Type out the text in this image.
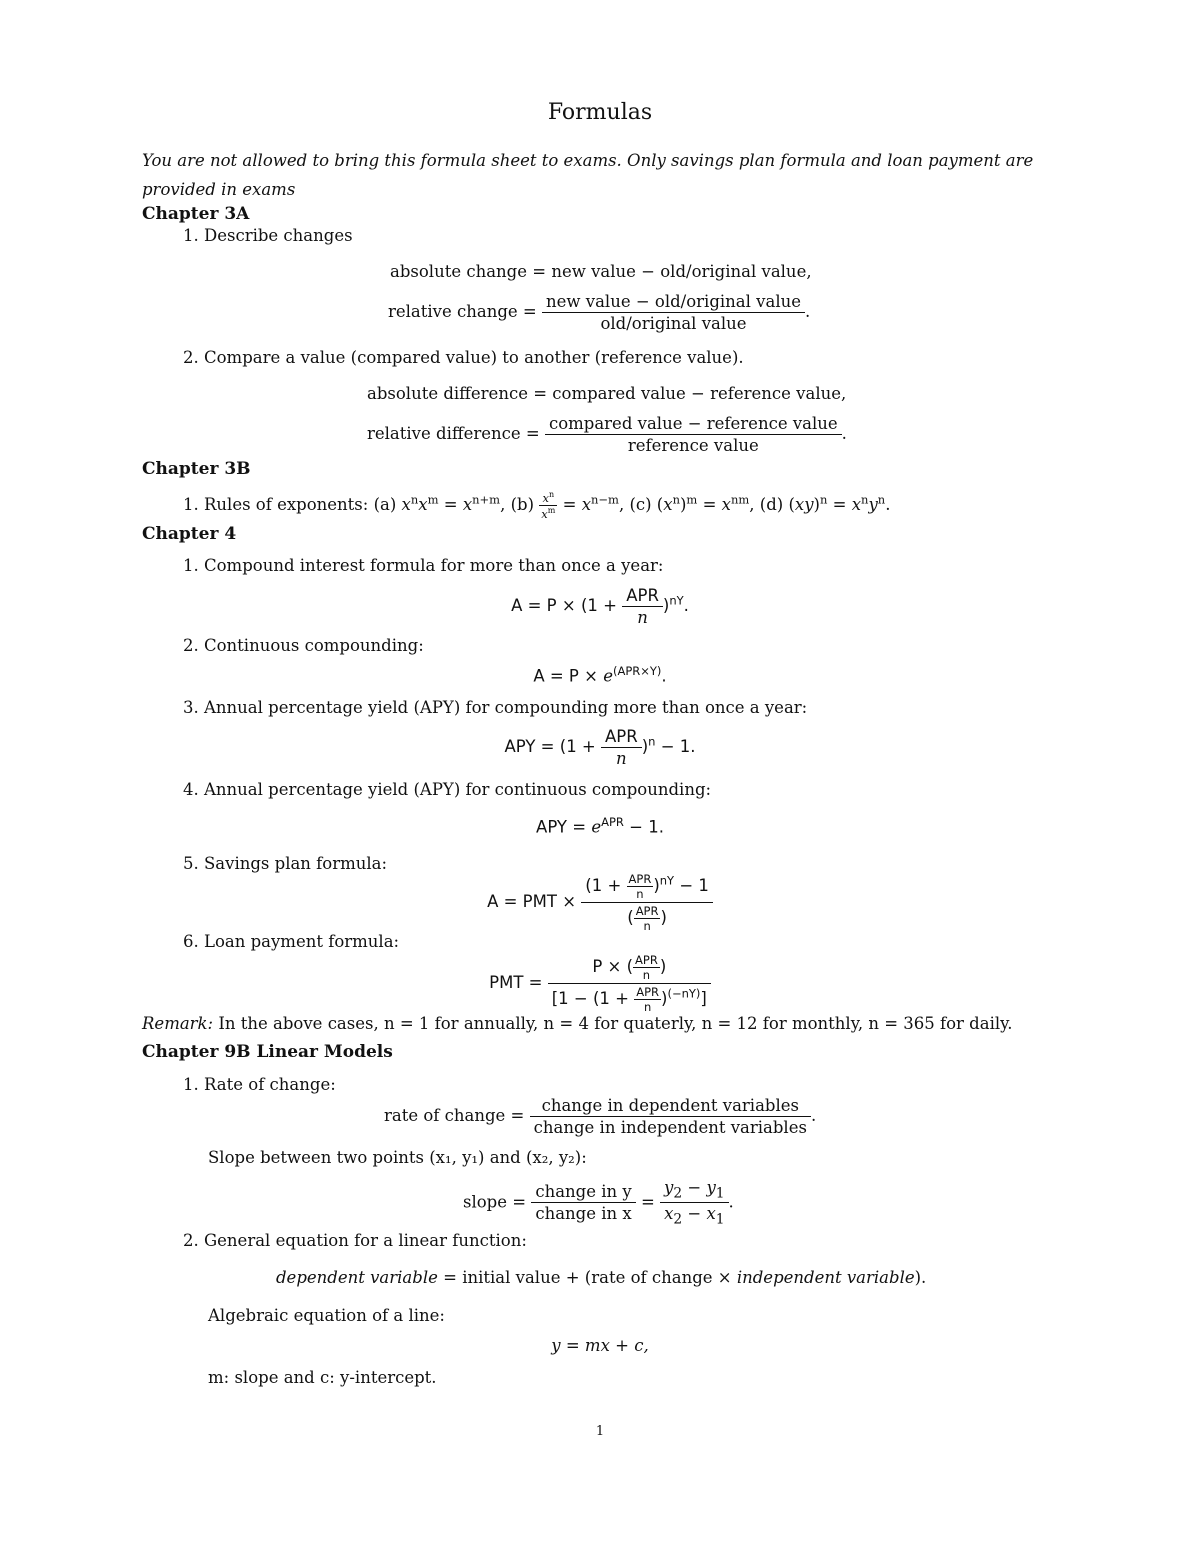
Formulas
You are not allowed to bring this formula sheet to exams. Only savings plan formula and loan payment are provided in exams
Chapter 3A
1. Describe changes
absolute change = new value − old/original value,
relative change = $\frac{\text{new value − old/original value}}{\text{old/original value}}$ .
2. Compare a value (compared value) to another (reference value).
absolute difference = compared value − reference value,
relative difference = $\frac{\text{compared value − reference value}}{\text{reference value}}$ .
Chapter 3B
1. Rules of exponents: (a) $x^nx^m = x^{n+m}$, $(b) \frac{x^n}{x^m} = x^{n-m}$, (c) $(x^n)^m = x^{nm}$, (d) $(xy)^n = x^ny^n$.
Chapter 4
1. Compound interest formula for more than once a year:
$A = P \times (1 + \frac{\text{APR}}{n} )^{nY}$.
2. Continuous compounding:
$A = P \times e^{(APR\times Y)}$.
3. Annual percentage yield (APY) for compounding more than once a year:
APY = $(1 + \frac{\text{APR}}{n} )^n - 1$.
4. Annual percentage yield (APY) for continuous compounding:
APY = $e^{APR} - 1$.
5. Savings plan formula:
A = PMT × $\frac{(1 + \frac{\text{APR}}{n} )^{nY} - 1}{( \frac{\text{APR}}{n} )}$
6. Loan payment formula:
PMT = $\frac{P \times ( \frac{\text{APR}}{n} )}{[1 - (1 + \frac{\text{APR}}{n} )^{(-nY)}]}$
Remark: In the above cases, n = 1 for annually, n = 4 for quaterly, n = 12 for monthly, n = 365 for daily.
Chapter 9B Linear Models
1. Rate of change:
rate of change = $\frac{\text{change in dependent variables}}{\text{change in independent variables}}$ .
Slope between two points (x₁, y₁) and (x₂, y₂):
slope = $\frac{\text{change in y}}{\text{change in x}} = \frac{y_2 - y_1}{x_2 - x_1}$ .
2. General equation for a linear function:
dependent variable = initial value + (rate of change × independent variable).
Algebraic equation of a line:
y = mx + c,
m: slope and c: y-intercept.
1
